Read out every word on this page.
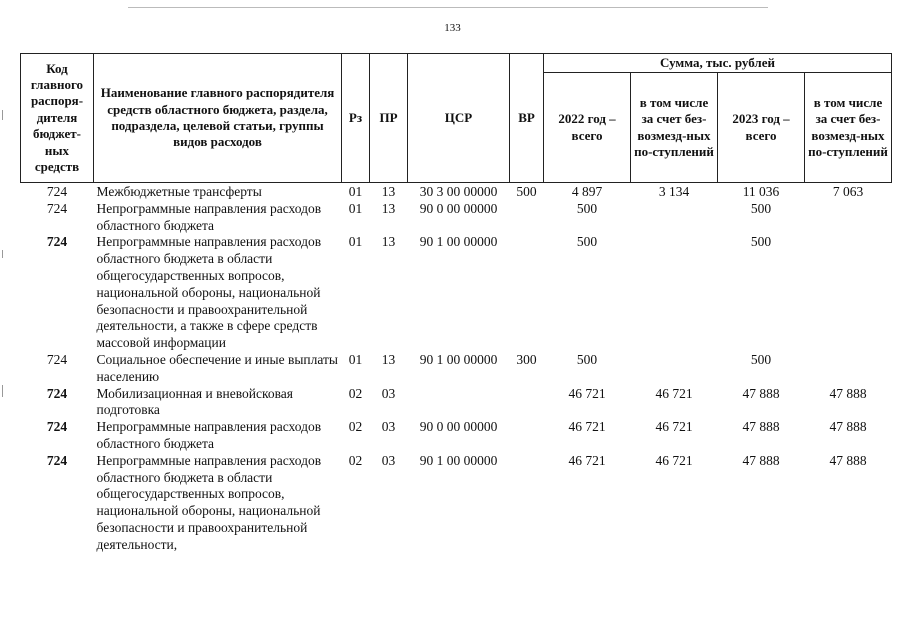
133
Код главного распоря-дителя бюджет-ных средств	Наименование главного распорядителя средств областного бюджета, раздела, подраздела, целевой статьи, группы видов расходов	Рз	ПР	ЦСР	ВР	Сумма, тыс. рублей			
						2022 год – всего	в том числе за счет без-возмезд-ных по-ступлений	2023 год – всего	в том числе за счет без-возмезд-ных по-ступлений
724	Межбюджетные трансферты	01	13	30 3 00 00000	500	4 897	3 134	11 036	7 063
724	Непрограммные направления расходов областного бюджета	01	13	90 0 00 00000		500		500	
724	Непрограммные направления расходов областного бюджета в области общегосударственных вопросов, национальной обороны, национальной безопасности и правоохранительной деятельности, а также в сфере средств массовой информации	01	13	90 1 00 00000		500		500	
724	Социальное обеспечение и иные выплаты населению	01	13	90 1 00 00000	300	500		500	
724	Мобилизационная и вневойсковая подготовка	02	03			46 721	46 721	47 888	47 888
724	Непрограммные направления расходов областного бюджета	02	03	90 0 00 00000		46 721	46 721	47 888	47 888
724	Непрограммные направления расходов областного бюджета в области общегосударственных вопросов, национальной обороны, национальной безопасности и правоохранительной деятельности,	02	03	90 1 00 00000		46 721	46 721	47 888	47 888
